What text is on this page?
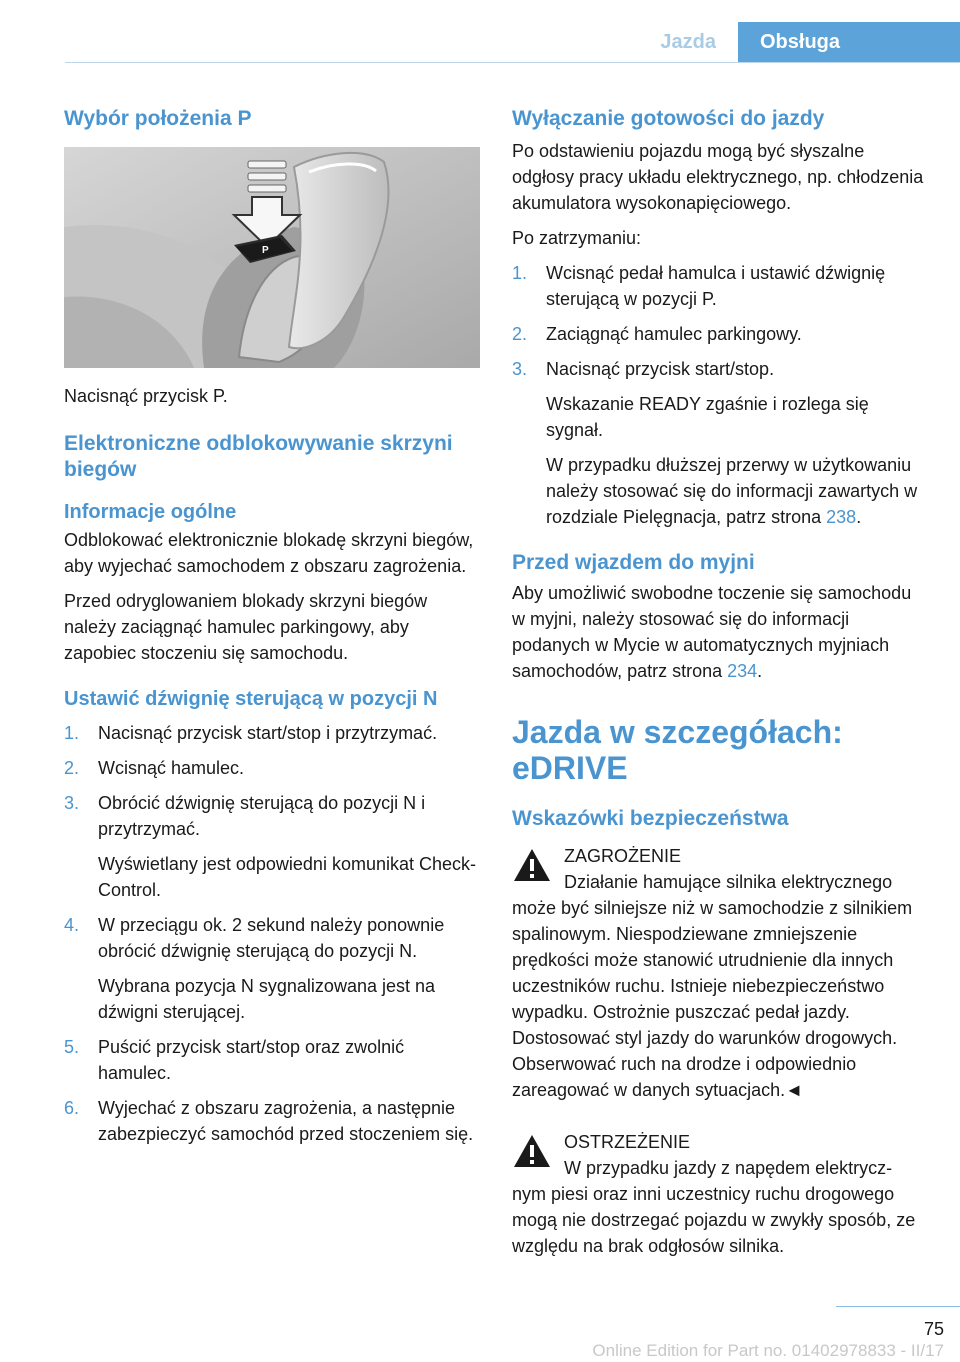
Jazda	Obsługa
Wybór położenia P
P

Nacisnąć przycisk P.

Elektroniczne odblokowywanie skrzyni biegów
Informacje ogólne

Odblokować elektronicznie blokadę skrzyni biegów, aby wyjechać samochodem z obszaru zagrożenia.

Przed odryglowaniem blokady skrzyni biegów należy zaciągnąć hamulec parkingowy, aby zapobiec stoczeniu się samochodu.

Ustawić dźwignię sterującą w pozycji N
1.	Nacisnąć przycisk start/stop i przytrzymać.
2.	Wcisnąć hamulec.
3.	Obrócić dźwignię sterującą do pozycji N i przytrzymać.
Wyświetlany jest odpowiedni komunikat Check-Control.
4.	W przeciągu ok. 2 sekund należy ponownie obrócić dźwignię sterującą do pozycji N.
Wybrana pozycja N sygnalizowana jest na dźwigni sterującej.
5.	Puścić przycisk start/stop oraz zwolnić hamulec.
6.	Wyjechać z obszaru zagrożenia, a następnie zabezpieczyć samochód przed stoczeniem się.
Wyłączanie gotowości do jazdy

Po odstawieniu pojazdu mogą być słyszalne odgłosy pracy układu elektrycznego, np. chłodzenia akumulatora wysokonapięciowego.

Po zatrzymaniu:

1.	Wcisnąć pedał hamulca i ustawić dźwignię sterującą w pozycji P.
2.	Zaciągnąć hamulec parkingowy.
3.	Nacisnąć przycisk start/stop.
Wskazanie READY zgaśnie i rozlega się sygnał.
W przypadku dłuższej przerwy w użytkowaniu należy stosować się do informacji zawartych w rozdziale Pielęgnacja, patrz strona 238.
Przed wjazdem do myjni

Aby umożliwić swobodne toczenie się samochodu w myjni, należy stosować się do informacji podanych w Mycie w automatycznych myjniach samochodów, patrz strona 234.

Jazda w szczegółach: eDRIVE
Wskazówki bezpieczeństwa
ZAGROŻENIE

Działanie hamujące silnika elektrycznego

może być silniejsze niż w samochodzie z silnikiem spalinowym. Niespodziewane zmniejszenie prędkości może stanowić utrudnienie dla innych uczestników ruchu. Istnieje niebezpieczeństwo wypadku. Ostrożnie puszczać pedał jazdy. Dostosować styl jazdy do warunków drogowych. Obserwować ruch na drodze i odpowiednio zareagować w danych sytuacjach.◄

OSTRZEŻENIE

W przypadku jazdy z napędem elektrycz-

nym piesi oraz inni uczestnicy ruchu drogowego mogą nie dostrzegać pojazdu w zwykły sposób, ze względu na brak odgłosów silnika.

75
Online Edition for Part no. 01402978833 - II/17
